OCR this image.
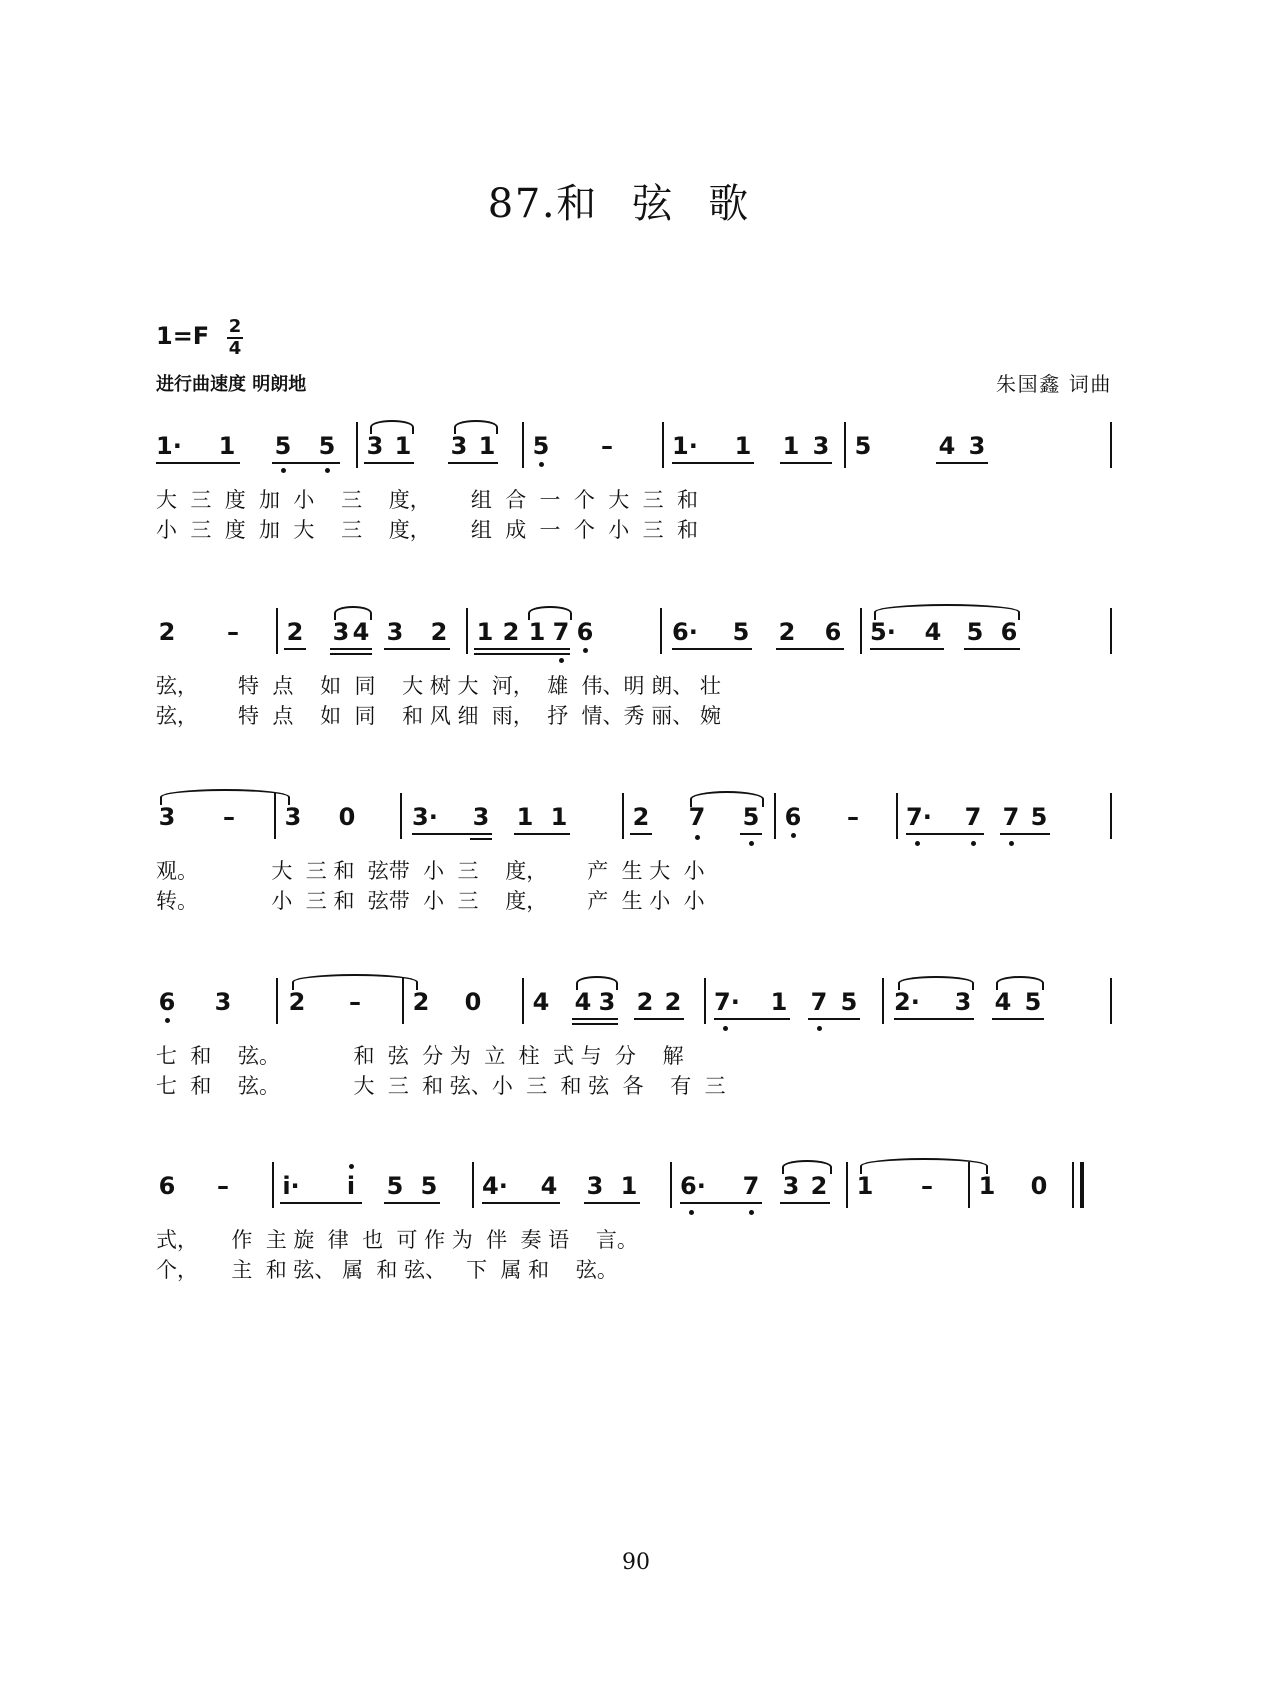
87.和弦歌
1=F 2
4
进行曲速度 明朗地	朱国鑫 词曲
1· 1 5 5 3 1 3 1 5 – 1· 1 1 3 5	4 3
大  三  度  加  小    三    度，      组  合  一  个  大  三  和
小  三  度  加  大    三    度，      组  成  一  个  小  三  和
2 – 2 3 4 3 2 1 2 1 7 6	6· 5 2 6 5· 4 5 6
弦，      特  点    如  同    大 树 大  河，  雄  伟、明 朗、 壮
弦，      特  点    如  同    和 风 细  雨，  抒  情、秀 丽、 婉
3 – 3 0 3· 3 1 1	2 7 5 6 – 7· 7 7 5
观。           大  三 和  弦带  小  三    度，      产  生 大  小
转。           小  三 和  弦带  小  三    度，      产  生 小  小
6 3 2 – 2 0 4 4 3 2 2 7· 1 7 5 2· 3 4 5
七  和    弦。           和  弦  分 为  立  柱  式 与  分    解
七  和    弦。           大  三  和 弦、小  三  和 弦  各    有  三
6 – i· i 5 5 4· 4 3 1 6· 7 3 2 1 – 1 0
式，     作  主 旋  律  也  可 作 为  伴  奏 语    言。
个，     主  和 弦、 属  和 弦、   下  属 和    弦。
90
